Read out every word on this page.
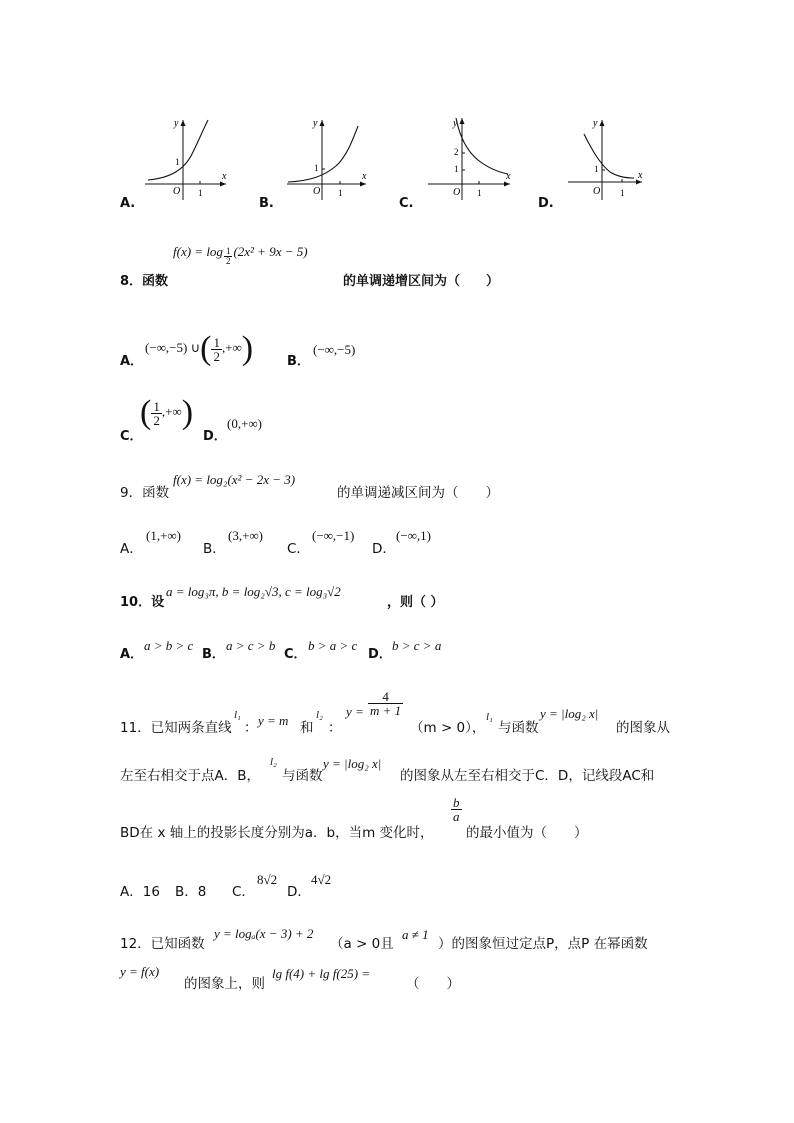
y
x
1
O 1
A.
y
x
1
O 1
B.
y
x
2
1
O 1
C.
y
x
1
O 1
D.
$f(x) = \log \frac{1}{2} (2x^2 + 9x - 5)$
8．函数	的单调递增区间为（　　）
A．
(−∞,−5) ∪( $\frac{1}{2}$ ,+∞)	B．
(−∞,−5)
C．
( $\frac{1}{2}$ ,+∞)
D．
(0,+∞)
9．函数
f(x) = log₂(x² − 2x − 3)
的单调递减区间为（　　）
A．
(1,+∞)
B．
(3,+∞)
C．
(−∞,−1)
D．
(−∞,1)
10．设
a = log₃π, b = log₂√3, c = log₃√2
，则（ ）
A．
a > b > c
B．
a > c > b
C．
b > a > c
D．
b > c > a
11．已知两条直线
l₁
： y = m 和
l₂
：
$y = \frac{4}{m + 1}$
（m > 0），
l₁
与函数
y = |log₂ x|
的图象从
左至右相交于点A．B，
l₂
与函数
y = |log₂ x|
的图象从左至右相交于C．D，记线段AC和
BD在 x 轴上的投影长度分别为a．b，当m 变化时，
$\frac{b}{a}$
的最小值为（　　）
A．16 B．8 C．
8√2
D．
4√2
12．已知函数
y = logₐ(x − 3) + 2
（a > 0且
a ≠ 1
）的图象恒过定点P，点P 在幂函数
y = f(x)
的图象上，则
lg f(4) + lg f(25) =
（　　）
